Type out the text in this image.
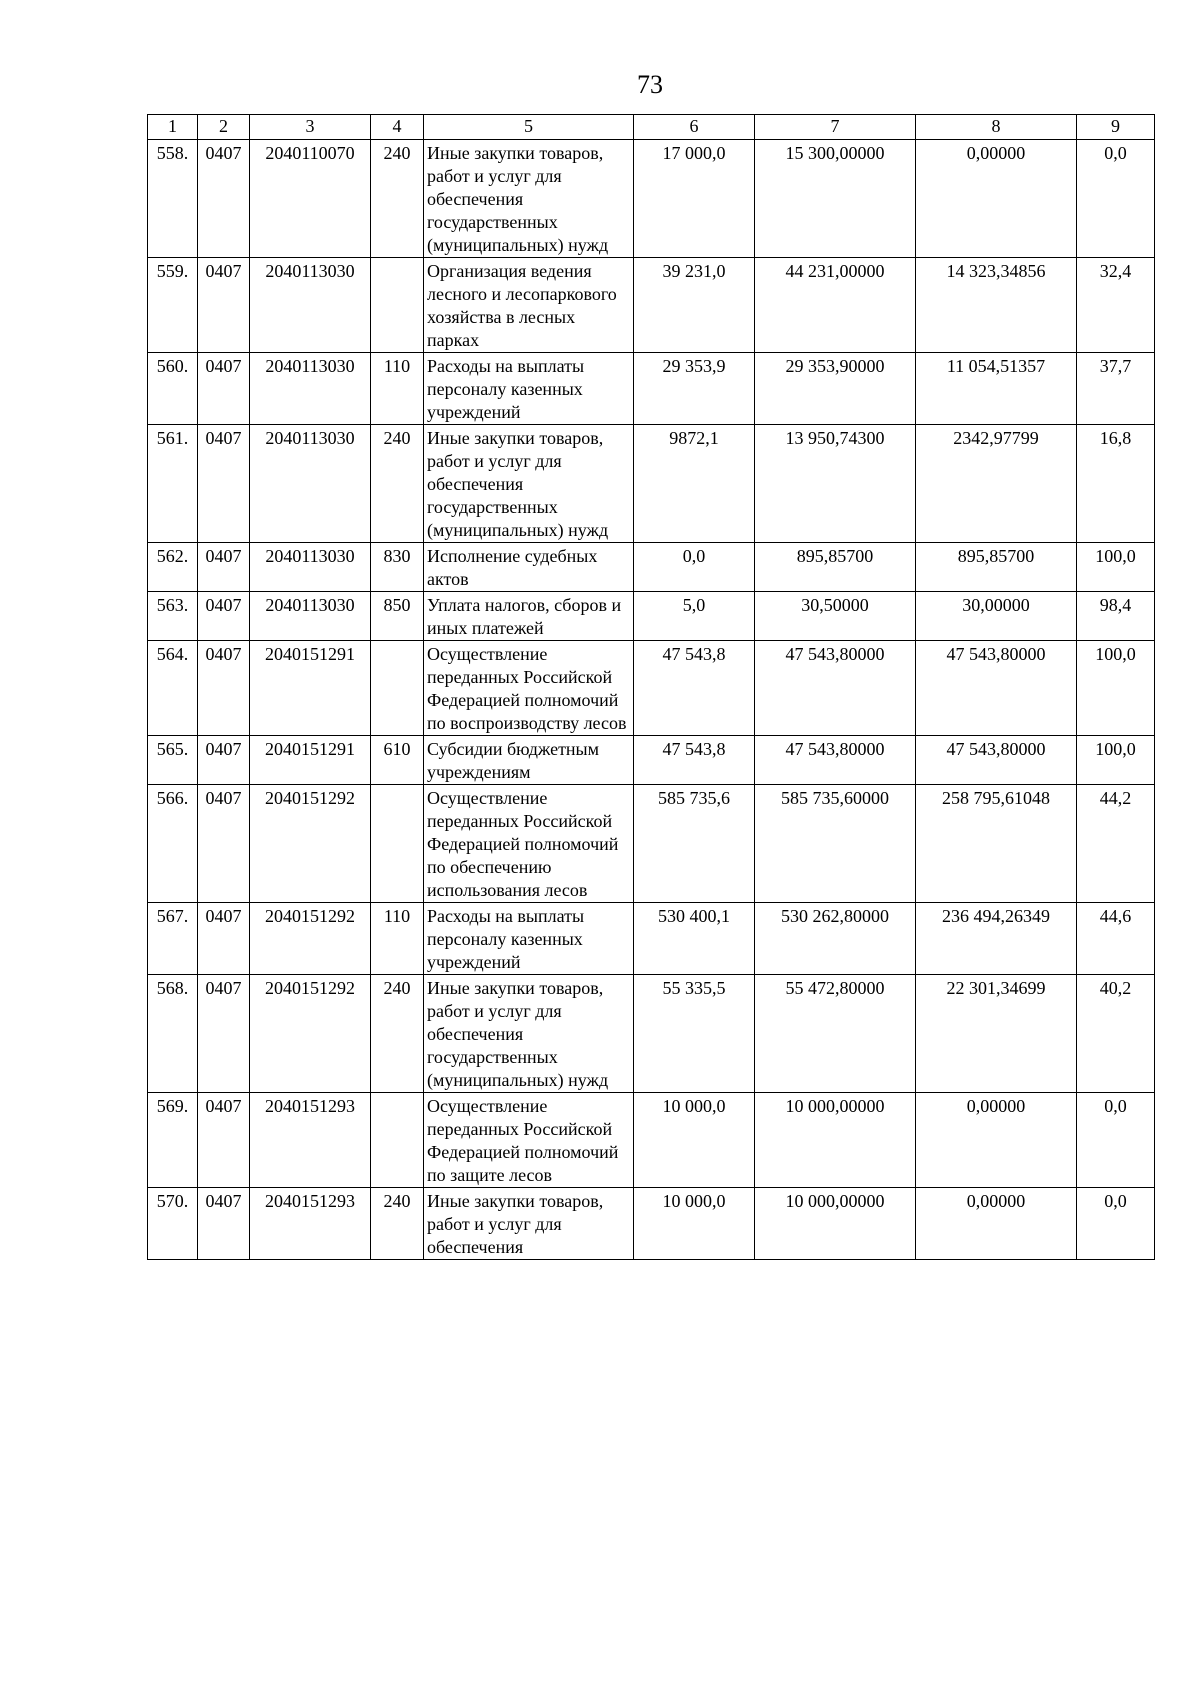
73
1	2	3	4	5	6	7	8	9
558.	0407	2040110070	240	Иные закупки товаров, работ и услуг для обеспечения государственных (муниципальных) нужд	17 000,0	15 300,00000	0,00000	0,0
559.	0407	2040113030		Организация ведения лесного и лесопаркового хозяйства в лесных парках	39 231,0	44 231,00000	14 323,34856	32,4
560.	0407	2040113030	110	Расходы на выплаты персоналу казенных учреждений	29 353,9	29 353,90000	11 054,51357	37,7
561.	0407	2040113030	240	Иные закупки товаров, работ и услуг для обеспечения государственных (муниципальных) нужд	9872,1	13 950,74300	2342,97799	16,8
562.	0407	2040113030	830	Исполнение судебных актов	0,0	895,85700	895,85700	100,0
563.	0407	2040113030	850	Уплата налогов, сборов и иных платежей	5,0	30,50000	30,00000	98,4
564.	0407	2040151291		Осуществление переданных Российской Федерацией полномочий по воспроизводству лесов	47 543,8	47 543,80000	47 543,80000	100,0
565.	0407	2040151291	610	Субсидии бюджетным учреждениям	47 543,8	47 543,80000	47 543,80000	100,0
566.	0407	2040151292		Осуществление переданных Российской Федерацией полномочий по обеспечению использования лесов	585 735,6	585 735,60000	258 795,61048	44,2
567.	0407	2040151292	110	Расходы на выплаты персоналу казенных учреждений	530 400,1	530 262,80000	236 494,26349	44,6
568.	0407	2040151292	240	Иные закупки товаров, работ и услуг для обеспечения государственных (муниципальных) нужд	55 335,5	55 472,80000	22 301,34699	40,2
569.	0407	2040151293		Осуществление переданных Российской Федерацией полномочий по защите лесов	10 000,0	10 000,00000	0,00000	0,0
570.	0407	2040151293	240	Иные закупки товаров, работ и услуг для обеспечения	10 000,0	10 000,00000	0,00000	0,0
